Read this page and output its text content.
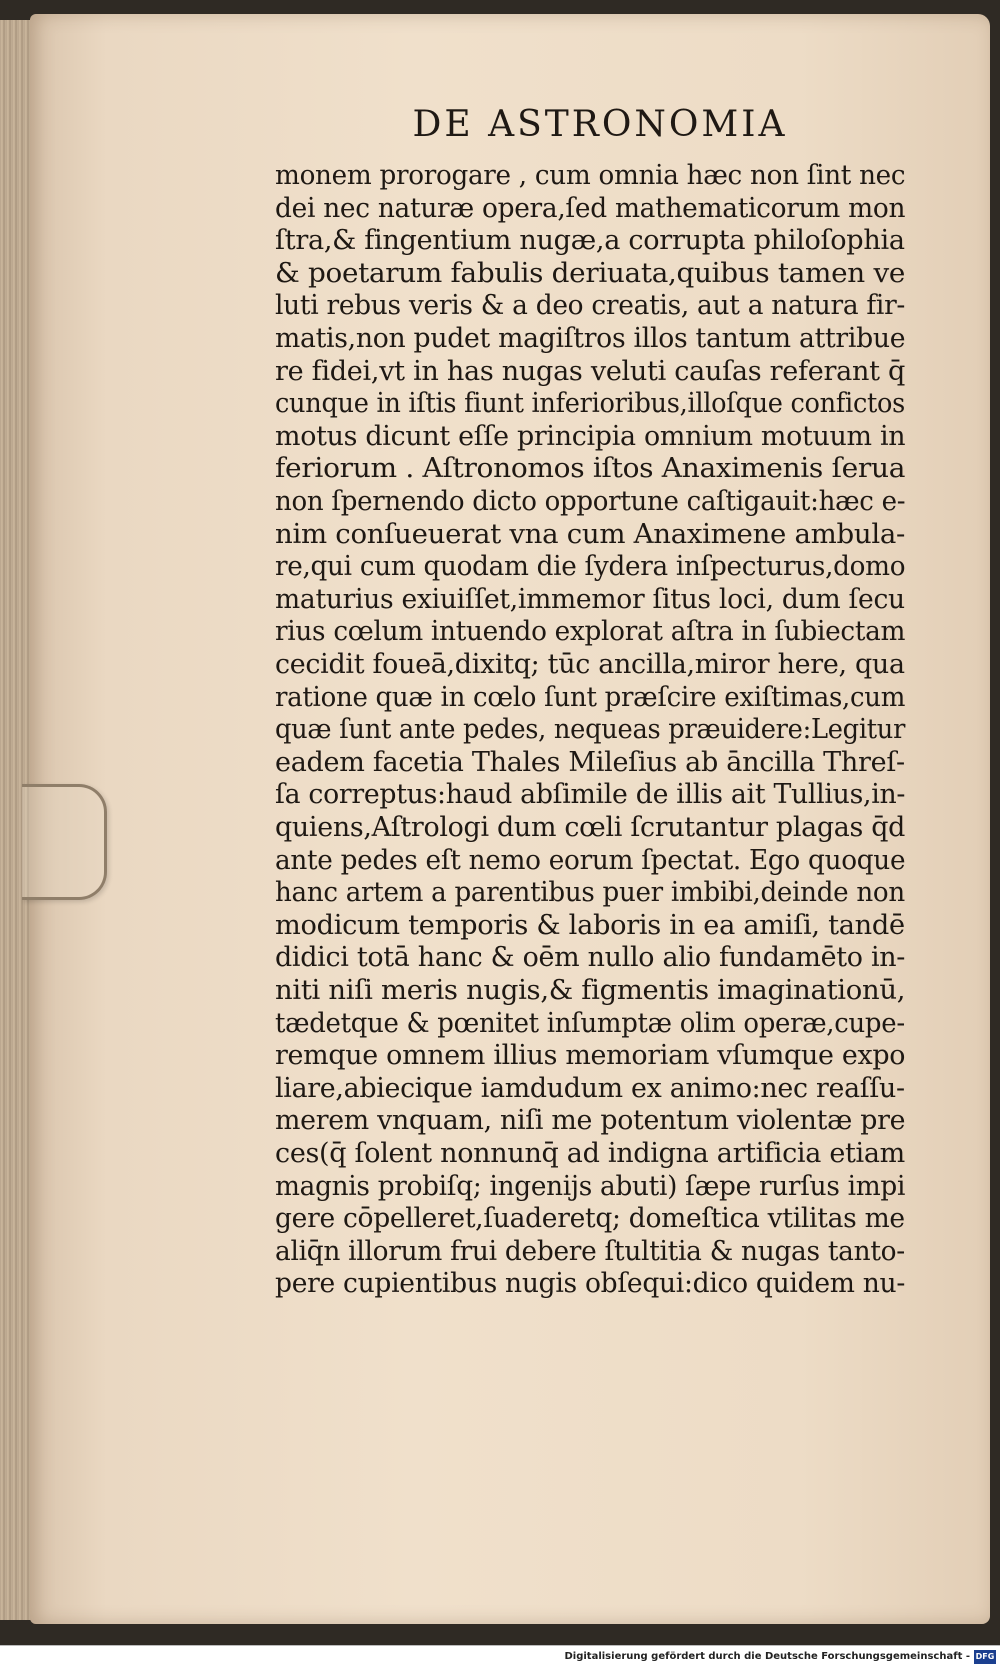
DE ASTRONOMIA
monem prorogare , cum omnia hæc non ſint nec
dei nec naturæ opera,ſed mathematicorum mon
ſtra,& fingentium nugæ,a corrupta philoſophia
& poetarum fabulis deriuata,quibus tamen ve
luti rebus veris & a deo creatis, aut a natura fir-
matis,non pudet magiſtros illos tantum attribue
re fidei,vt in has nugas veluti cauſas referant q̄
cunque in iſtis fiunt inferioribus,illoſque confictos
motus dicunt eſſe principia omnium motuum in
feriorum . Aſtronomos iſtos Anaximenis ſerua
non ſpernendo dicto opportune caſtigauit:hæc e-
nim conſueuerat vna cum Anaximene ambula-
re,qui cum quodam die ſydera inſpecturus,domo
maturius exiuiſſet,immemor ſitus loci, dum ſecu
rius cœlum intuendo explorat aſtra in ſubiectam
cecidit foueā,dixitq; tūc ancilla,miror here, qua
ratione quæ in cœlo ſunt præſcire exiſtimas,cum
quæ ſunt ante pedes, nequeas præuidere:Legitur
eadem facetia Thales Mileſius ab āncilla Threſ-
ſa correptus:haud abſimile de illis ait Tullius,in-
quiens,Aſtrologi dum cœli ſcrutantur plagas q̄d
ante pedes eſt nemo eorum ſpectat. Ego quoque
hanc artem a parentibus puer imbibi,deinde non
modicum temporis & laboris in ea amiſi, tandē
didici totā hanc & oēm nullo alio fundamēto in-
niti niſi meris nugis,& figmentis imaginationū,
tædetque & pœnitet inſumptæ olim operæ,cupe-
remque omnem illius memoriam vſumque expo
liare,abiecique iamdudum ex animo:nec reaſſu-
merem vnquam, niſi me potentum violentæ pre
ces(q̄ ſolent nonnunq̄ ad indigna artificia etiam
magnis probiſq; ingenijs abuti) ſæpe rurſus impi
gere cōpelleret,ſuaderetq; domeſtica vtilitas me
aliq̄n illorum frui debere ſtultitia & nugas tanto-
pere cupientibus nugis obſequi:dico quidem nu-
Digitalisierung gefördert durch die Deutsche Forschungsgemeinschaft - DFG
